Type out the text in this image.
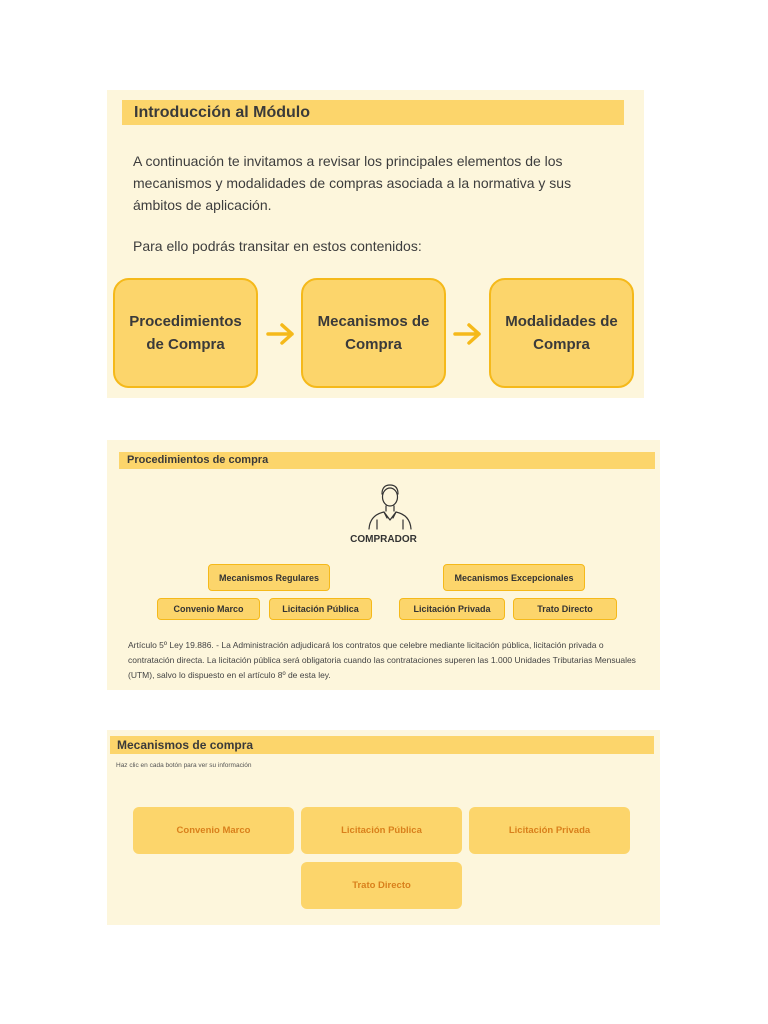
Introducción al Módulo

A continuación te invitamos a revisar los principales elementos de los mecanismos y modalidades de compras asociada a la normativa y sus ámbitos de aplicación.

Para ello podrás transitar en estos contenidos:

Procedimientos de Compra
Mecanismos de Compra
Modalidades de Compra
Procedimientos de compra
COMPRADOR
Mecanismos Regulares	Mecanismos Excepcionales
Convenio Marco	Licitación Pública	Licitación Privada	Trato Directo

Artículo 5º Ley 19.886. - La Administración adjudicará los contratos que celebre mediante licitación pública, licitación privada o contratación directa. La licitación pública será obligatoria cuando las contrataciones superen las 1.000 Unidades Tributarias Mensuales (UTM), salvo lo dispuesto en el artículo 8º de esta ley.

Mecanismos de compra
Haz clic en cada botón para ver su información
Convenio Marco	Licitación Pública	Licitación Privada
Trato Directo
